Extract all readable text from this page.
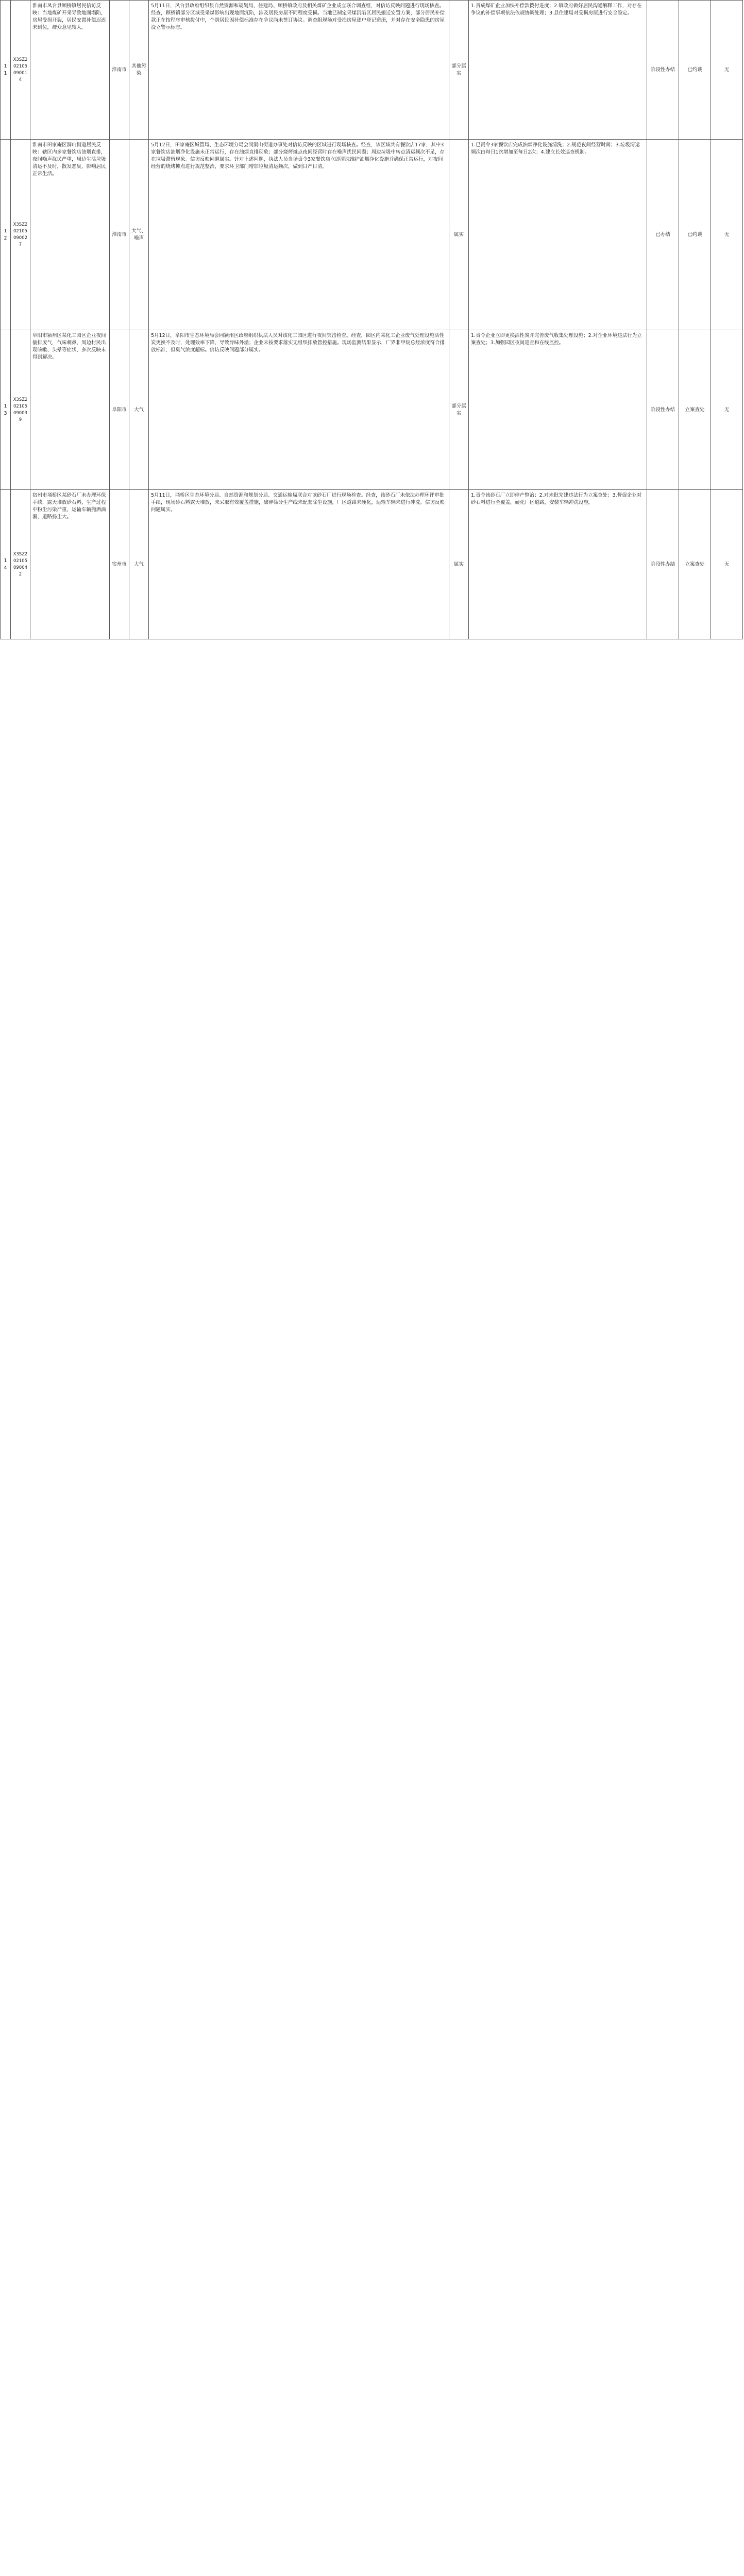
11	X3SZ20210509001 4	淮南市凤台县顾桥镇居民信访反映：当地煤矿开采导致地面塌陷，房屋受损开裂，居民安置补偿迟迟未到位，群众意见较大。	淮南市	其他污染	5月11日，凤台县政府组织县自然资源和规划局、住建局、顾桥镇政府及相关煤矿企业成立联合调查组，对信访反映问题进行现场核查。经查，顾桥镇部分区域受采煤影响出现地面沉陷，涉及居民房屋不同程度受损。当地已制定采煤沉陷区居民搬迁安置方案，部分居民补偿款正在按程序审核拨付中，个别居民因补偿标准存在争议尚未签订协议。调查组现场对受损房屋逐户登记造册，并对存在安全隐患的房屋设立警示标志。	部分属实	1.责成煤矿企业加快补偿款拨付进度；2.镇政府做好居民沟通解释工作，对存在争议的补偿事项依法依规协调处理；3.县住建局对受损房屋进行安全鉴定。	阶段性办结	已约谈	无
12	X3SZ20210509002 7	淮南市田家庵区洞山街道居民反映：辖区内多家餐饮店油烟直排，夜间噪声扰民严重，周边生活垃圾清运不及时，散发恶臭，影响居民正常生活。	淮南市	大气、噪声	5月12日，田家庵区城管局、生态环境分局会同洞山街道办事处对信访反映的区域进行现场核查。经查，该区域共有餐饮店17家，其中3家餐饮店油烟净化设施未正常运行，存在油烟直排现象；部分烧烤摊点夜间经营时存在噪声扰民问题；周边垃圾中转点清运频次不足，存在垃圾滞留现象。信访反映问题属实。针对上述问题，执法人员当场责令3家餐饮店立即清洗维护油烟净化设施并确保正常运行，对夜间经营的烧烤摊点进行规范整治，要求环卫部门增加垃圾清运频次，做到日产日清。	属实	1.已责令3家餐饮店完成油烟净化设施清洗；2.规范夜间经营时间；3.垃圾清运频次由每日1次增加至每日2次；4.建立长效巡查机制。	已办结	已约谈	无
13	X3SZ20210509003 9	阜阳市颍州区某化工园区企业夜间偷排废气，气味刺鼻，周边村民出现咳嗽、头晕等症状，多次反映未得到解决。	阜阳市	大气	5月12日，阜阳市生态环境局会同颍州区政府组织执法人员对该化工园区进行夜间突击检查。经查，园区内某化工企业废气处理设施活性炭更换不及时，处理效率下降，导致异味外溢；企业未按要求落实无组织排放管控措施。现场监测结果显示，厂界非甲烷总烃浓度符合排放标准，但臭气浓度超标。信访反映问题部分属实。	部分属实	1.责令企业立即更换活性炭并完善废气收集处理设施；2.对企业环境违法行为立案查处；3.加强园区夜间巡查和在线监控。	阶段性办结	立案查处	无
14	X3SZ20210509004 2	宿州市埇桥区某砂石厂未办理环保手续，露天堆放砂石料，生产过程中粉尘污染严重，运输车辆抛洒滴漏，道路扬尘大。	宿州市	大气	5月11日，埇桥区生态环境分局、自然资源和规划分局、交通运输局联合对该砂石厂进行现场检查。经查，该砂石厂未依法办理环评审批手续，现场砂石料露天堆放，未采取有效覆盖措施，破碎筛分生产线未配套除尘设施，厂区道路未硬化，运输车辆未进行冲洗。信访反映问题属实。	属实	1.责令该砂石厂立即停产整治；2.对未批先建违法行为立案查处；3.督促企业对砂石料进行全覆盖，硬化厂区道路，安装车辆冲洗设施。	阶段性办结	立案查处	无
